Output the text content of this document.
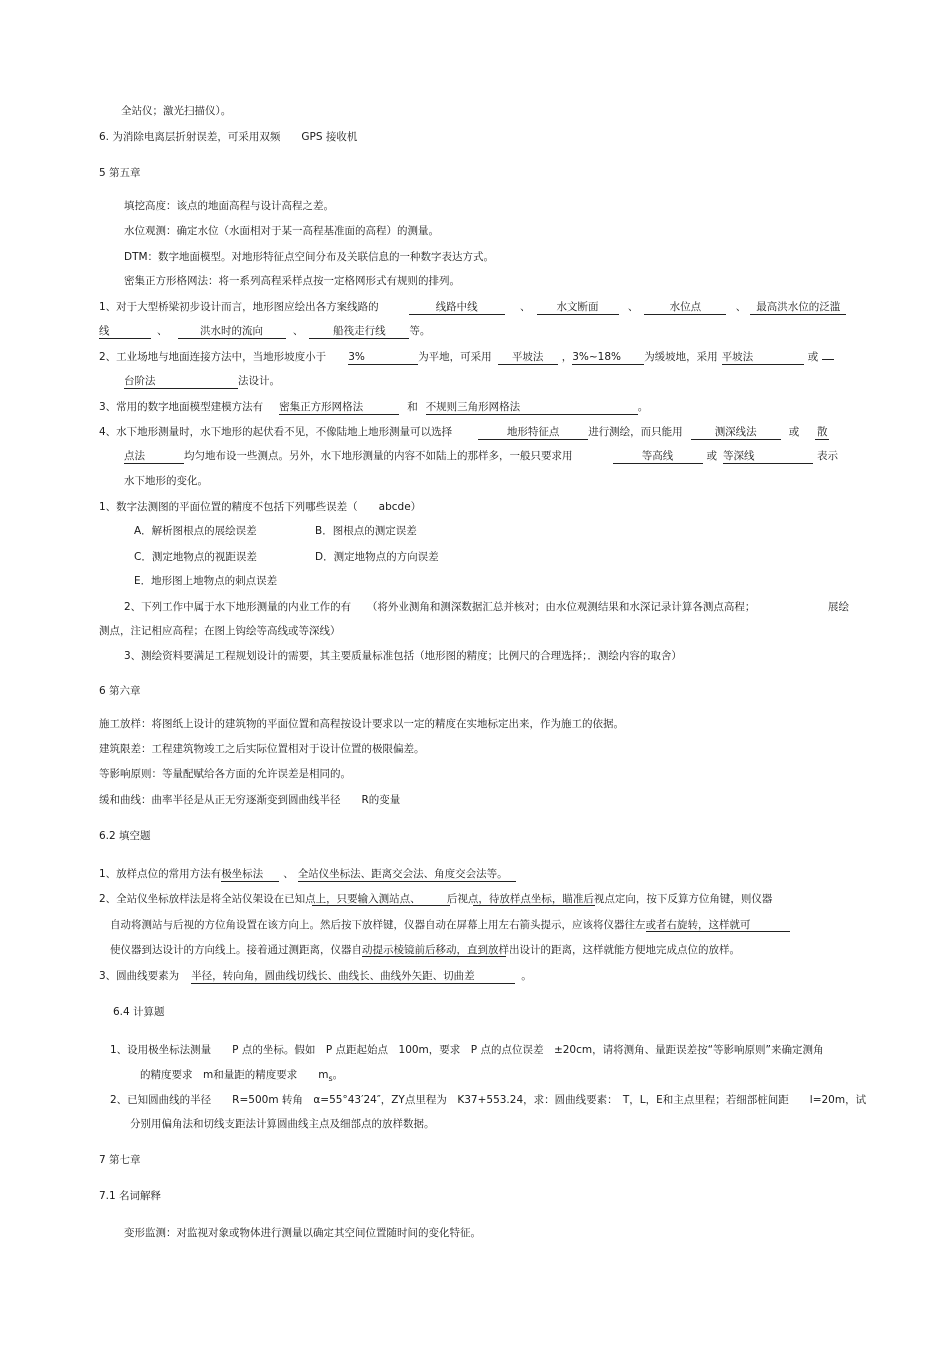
全站仪；激光扫描仪）。
6. 为消除电离层折射误差，可采用双频　　GPS 接收机
5 第五章
填挖高度：该点的地面高程与设计高程之差。
水位观测：确定水位（水面相对于某一高程基准面的高程）的测量。
DTM：数字地面模型。对地形特征点空间分布及关联信息的一种数字表达方式。
密集正方形格网法：将一系列高程采样点按一定格网形式有规则的排列。
1、对于大型桥梁初步设计而言，地形图应绘出各方案线路的	线路中线	、 水文断面	、	水位点	、 最高洪水位的泛滥
线	、	洪水时的流向	、	船筏走行线 等。
2、工业场地与地面连接方法中，当地形坡度小于 3%	为平地，可采用 平坡法 ，3%~18% 为缓坡地，采用 平坡法	或
台阶法	法设计。
3、常用的数字地面模型建模方法有 密集正方形网格法	和 不规则三角形网格法	。
4、水下地形测量时，水下地形的起伏看不见，不像陆地上地形测量可以选择	地形特征点	进行测绘，而只能用	测深线法	或 散
点法	均匀地布设一些测点。另外，水下地形测量的内容不如陆上的那样多，一般只要求用	等高线	或 等深线	表示
水下地形的变化。
1、数字法测图的平面位置的精度不包括下列哪些误差（　　abcde）
A．解析图根点的展绘误差	B．图根点的测定误差
C．测定地物点的视距误差	D．测定地物点的方向误差
E．地形图上地物点的刺点误差
2、下列工作中属于水下地形测量的内业工作的有　　（将外业测角和测深数据汇总并核对；由水位观测结果和水深记录计算各测点高程；	展绘
测点，注记相应高程；在图上钩绘等高线或等深线）
3、测绘资料要满足工程规划设计的需要，其主要质量标准包括（地形图的精度；比例尺的合理选择；．测绘内容的取舍）
6 第六章
施工放样：将图纸上设计的建筑物的平面位置和高程按设计要求以一定的精度在实地标定出来，作为施工的依据。
建筑限差：工程建筑物竣工之后实际位置相对于设计位置的极限偏差。
等影响原则：等量配赋给各方面的允许误差是相同的。
缓和曲线：曲率半径是从正无穷逐渐变到圆曲线半径　　R的变量
6.2 填空题
1、放样点位的常用方法有极坐标法 、 全站仪坐标法、距离交会法、角度交会法等。
2、全站仪坐标放样法是将全站仪架设在已知点上，只要输入测站点、　　　后视点，待放样点坐标，瞄准后视点定向，按下反算方位角键，则仪器
自动将测站与后视的方位角设置在该方向上。然后按下放样键，仪器自动在屏幕上用左右箭头提示，应该将仪器往左或者右旋转，这样就可
使仪器到达设计的方向线上。接着通过测距离，仪器自动提示棱镜前后移动，直到放样出设计的距离，这样就能方便地完成点位的放样。
3、圆曲线要素为 半径，转向角，圆曲线切线长、曲线长、曲线外矢距、切曲差	。
6.4 计算题
1、设用极坐标法测量　　P 点的坐标。假如　P 点距起始点　100m，要求　P 点的点位误差　±20cm，请将测角、量距误差按“等影响原则”来确定测角
的精度要求　m和量距的精度要求　　$m_s$。
2、已知圆曲线的半径　　R=500m 转角　α=55°43′24″，ZY点里程为　K37+553.24，求：圆曲线要素：　T，L，E和主点里程；若细部桩间距　　l=20m，试
分别用偏角法和切线支距法计算圆曲线主点及细部点的放样数据。
7 第七章
7.1 名词解释
变形监测：对监视对象或物体进行测量以确定其空间位置随时间的变化特征。
